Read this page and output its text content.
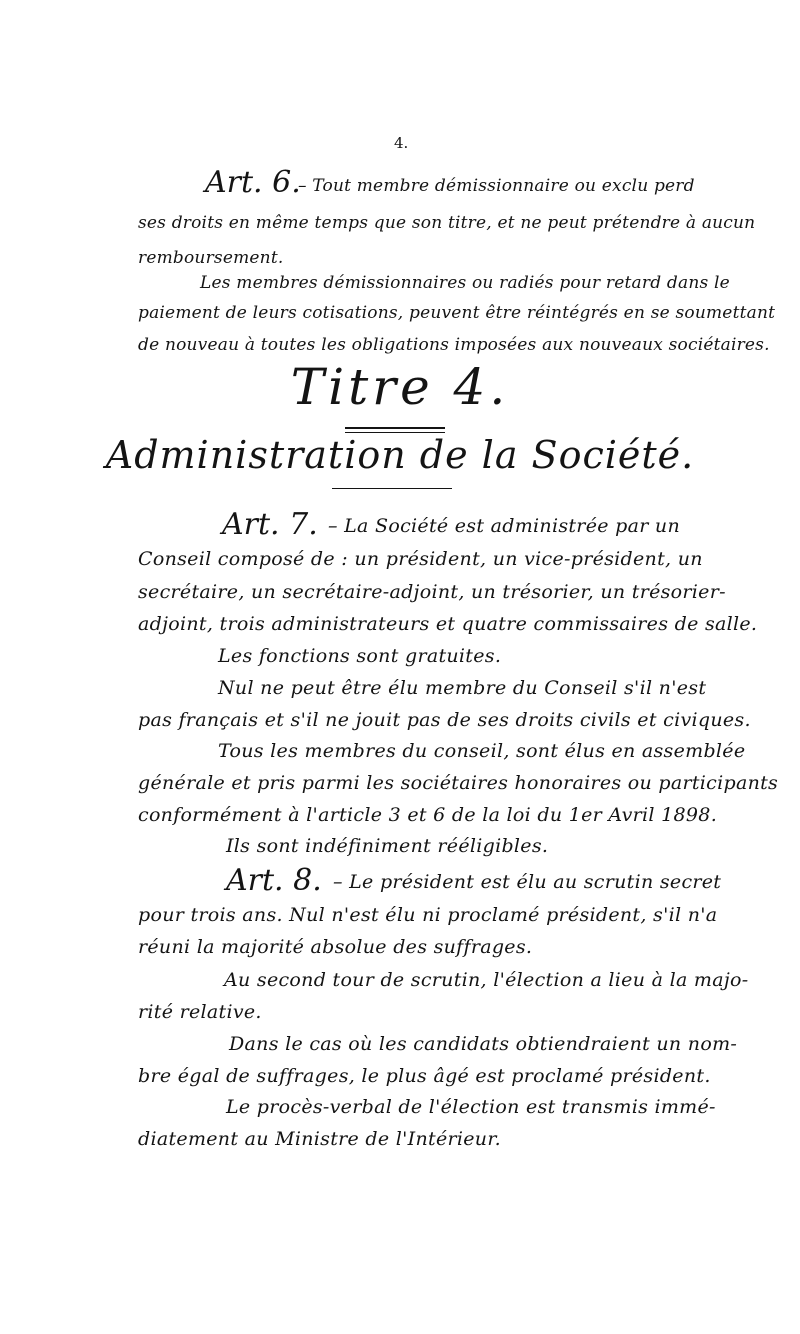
4.
Art. 6.
– Tout membre démissionnaire ou exclu perd
ses droits en même temps que son titre, et ne peut prétendre à aucun
remboursement.
Les membres démissionnaires ou radiés pour retard dans le
paiement de leurs cotisations, peuvent être réintégrés en se soumettant
de nouveau à toutes les obligations imposées aux nouveaux sociétaires.
Titre 4.
Administration de la Société.
Art. 7. – La Société est administrée par un
Conseil composé de : un président, un vice-président, un
secrétaire, un secrétaire-adjoint, un trésorier, un trésorier-
adjoint, trois administrateurs et quatre commissaires de salle.
Les fonctions sont gratuites.
Nul ne peut être élu membre du Conseil s'il n'est
pas français et s'il ne jouit pas de ses droits civils et civiques.
Tous les membres du conseil, sont élus en assemblée
générale et pris parmi les sociétaires honoraires ou participants
conformément à l'article 3 et 6 de la loi du 1er Avril 1898.
Ils sont indéfiniment rééligibles.
Art. 8. – Le président est élu au scrutin secret
pour trois ans. Nul n'est élu ni proclamé président, s'il n'a
réuni la majorité absolue des suffrages.
Au second tour de scrutin, l'élection a lieu à la majo-
rité relative.
Dans le cas où les candidats obtiendraient un nom-
bre égal de suffrages, le plus âgé est proclamé président.
Le procès-verbal de l'élection est transmis immé-
diatement au Ministre de l'Intérieur.
